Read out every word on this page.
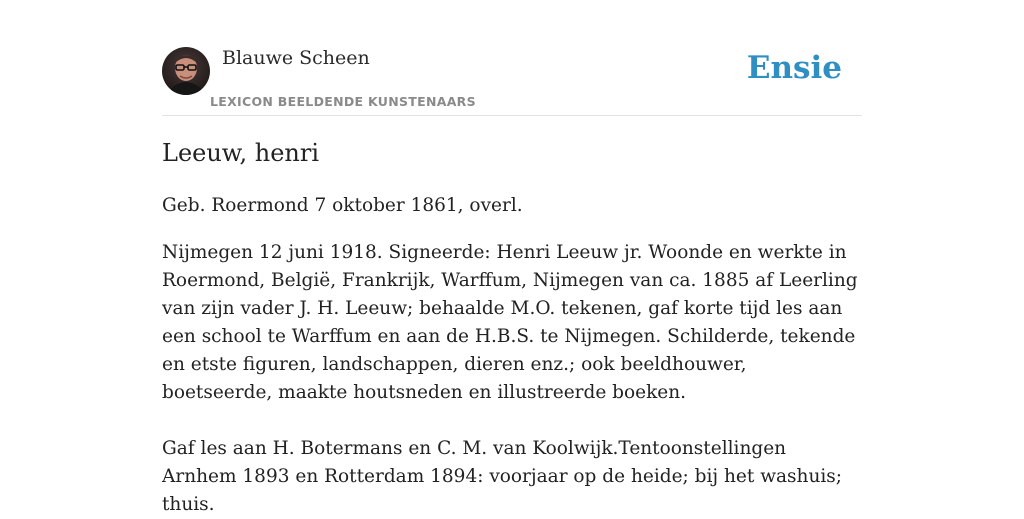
Blauwe Scheen
LEXICON BEELDENDE KUNSTENAARS
Ensie
Leeuw, henri

Geb. Roermond 7 oktober 1861, overl.

Nijmegen 12 juni 1918. Signeerde: Henri Leeuw jr. Woonde en werkte in Roermond, België, Frankrijk, Warffum, Nijmegen van ca. 1885 af Leerling van zijn vader J. H. Leeuw; behaalde M.O. tekenen, gaf korte tijd les aan een school te Warffum en aan de H.B.S. te Nijmegen. Schilderde, tekende en etste figuren, landschappen, dieren enz.; ook beeldhouwer, boetseerde, maakte houtsneden en illustreerde boeken.

Gaf les aan H. Botermans en C. M. van Koolwijk.Tentoonstellingen Arnhem 1893 en Rotterdam 1894: voorjaar op de heide; bij het washuis; thuis.
